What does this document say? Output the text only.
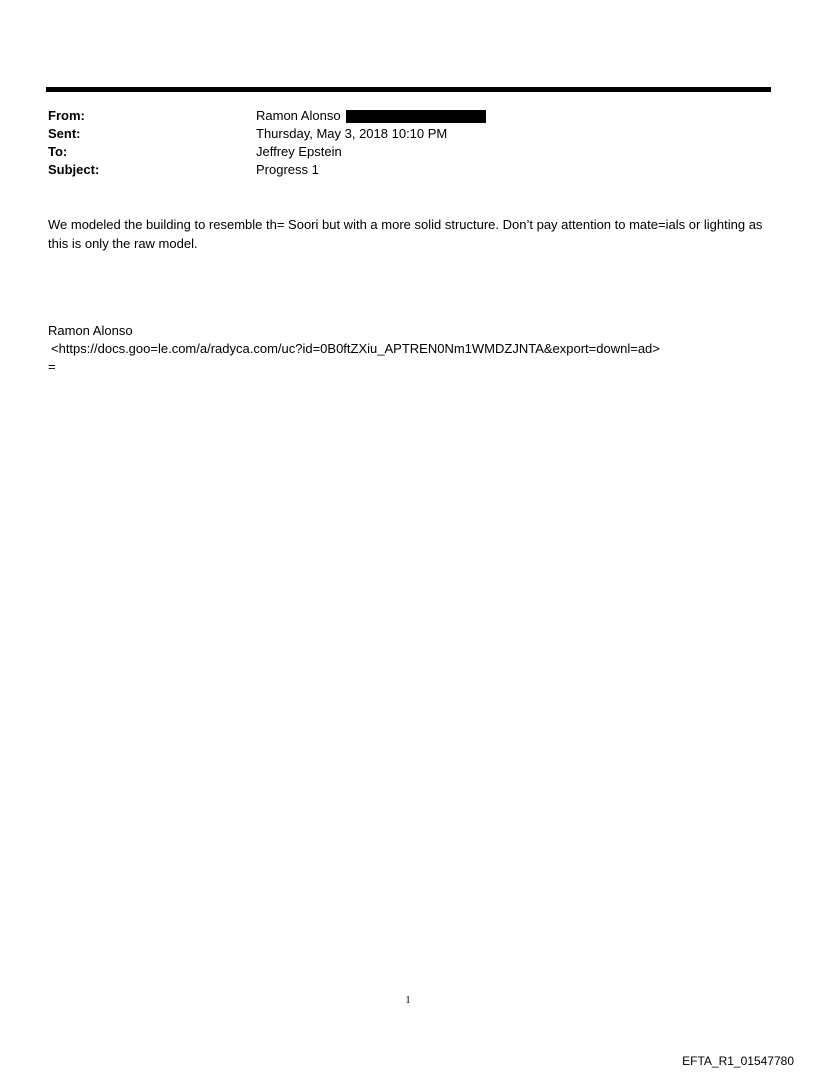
From:	Ramon Alonso
Sent:	Thursday, May 3, 2018 10:10 PM
To:	Jeffrey Epstein
Subject:	Progress 1
We modeled the building to resemble th= Soori but with a more solid structure. Don’t pay attention to mate=ials or lighting as this is only the raw model.
Ramon Alonso
<https://docs.goo=le.com/a/radyca.com/uc?id=0B0ftZXiu_APTREN0Nm1WMDZJNTA&export=downl=ad>
=
1
EFTA_R1_01547780
